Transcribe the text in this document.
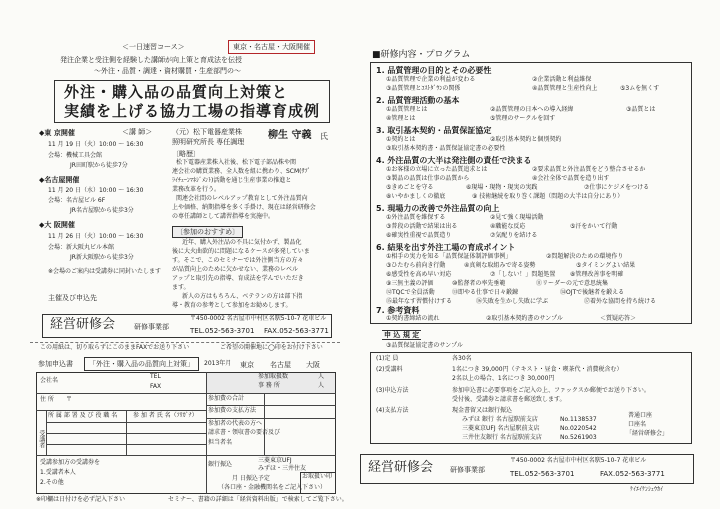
＜一日速習コース＞	東京・名古屋・大阪開催
発注企業と受注側を経験した講師が向上策と育成法を伝授
～外注・品質・調達・資材購買・生産部門の～
外注・購入品の品質向上対策と
実績を上げる協力工場の指導育成例
◆東 京開催
11 月 19 日（火）10:00 ～ 16:30
会場：機械工具会館
JR田町駅から徒歩7分
◆名古屋開催
11 月 20 日（水）10:00 ～ 16:30
会場：名古屋ビル 6F
JR名古屋駅から徒歩3分
◆大 阪開催
11 月 26 日（火）10:00 ～ 16:30
会場：新大阪丸ビル本館
JR新大阪駅から徒歩3分
※会場のご案内は受講券に同封いたします
主催及び申込先
＜講 師＞	（元）松下電器産業株
照明研究所長 専任調理
柳生 守義 氏
〔略歴〕
松下電器産業株入社後、松下電子部品株や関
連会社の購買業務、全人数を組に携わり、SCM(ｻﾌﾟ
ﾗｲﾁｪｰﾝﾏﾈｼﾞﾒﾝﾄ)活動を通じ生産事業の推進と
業務改革を行う。
関連会社問のレベルアップ教育として外注品質向
上や価格、納期指導を多く手掛け、現在は経営研修会
の専任講師として講習指導を実施中。
〔参加のおすすめ〕
近年、購入外注品の不具に気付かず、製品化
後に大火曲欲的に問題になるケースが多発していま
す。そこで、このセミナーでは外注側当方の方々
が品質向上のために欠かせない、業務のレベル
アップと取引先の指導、育成法を学んでいただき
ます。
新人の方はもちろん、ベテランの方は部下指
導・教育の参考として参加をお勧めします。
経営研修会	研修事業部
〒450-0002 名古屋市中村区名駅5-10-7 花車ビル
TEL.052-563-3701 FAX.052-563-3771
この用紙は、切り取らずにこのままFAXでお送り下さい	ご希望の開催地に◯印をお付け下さい
参加申込書	「外注・購入品の品質向上対策」	2013年月 東京 名古屋 大阪
会社名
TEL
FAX
住 所 〒
所 属 部 署 及 び 役 職 名	参 加 者 氏 名（ﾌﾘｶﾞﾅ）
受講者
受講参加方の受講券を
1.受講者本人
2.その他
参加取扱数	人
事 務 所	人
参加費の合計
参加費の支払方法
参加者の代表の方へ
請求書・領収書の要否及び
担当者名
銀行振込
三菱東京UFJ
みずほ・三井住友
月 日振込予定
（各口座・金融機関名をご記入下さい）
※印欄は日付けを必ず記入下さい	セミナー、書籍の詳細は「経営資料出版」で検索してご覧下さい。
■研修内容・プログラム
1. 品質管理の目的とその必要性
①品質管理で企業の利益が変わる	②企業活動と利益維保
③品質管理とｺｽﾄﾀﾞｳﾝの関係	④品質管理と生産性向上	⑤3ムを無くす
2. 品質管理活動の基本
①品質管理とは	②品質管理の日本への導入経緯	③品質とは
④管理とは	⑤管理のサークルを回す
3. 取引基本契約・品質保証協定
①契約とは	②取引基本契約と個別契約
③取引基本契約書・品質保証協定書の必要性
4. 外注品質の大半は発注側の責任で決まる
①お客様の立場に立った品質追求とは	②要求品質と外注品質をどう整合させるか
③製品の品質は仕事の品質から	④会社全体で品質を造り出す
⑤きめごとを守る	⑥現場・現物・現実の実践	⑦仕事にケジメをつける
⑧いやかましくの徹底	⑨ 技術継続を取り巻く課題（問題の大半は自分にあり）
5. 現場力の改善で外注品質の向上
①外注品質を維保する	②見て強く現場活動
③普段の活動で結果は出る	④職能な反応	⑤汗をかいて行動
⑥確実性重視で品質造り	⑦気配りを結ける
6. 結果を出す外注工場の育成ポイント
①相手の実力を知る「品質保証体制評価事例」	②問題解決のための環境作り
③ひたむら前向き行動	④真剣な取組みで寄る姿勢	⑤タイミングよい結果
⑥感受性を高め早い対応	⑦「しない！」問題処置 ⑧管理改善事を明確
⑨三無主義の評価	⑩監督者の率先垂範	⑪リーダーの元で意思統集
⑫TQCで全員活動	⑬即やる仕事で日々鍛錬	⑭OJTで後継者を鍛える
⑮最年なす習慣付けする	⑯失敗を生かし失敗に学ぶ	⑰着外な協問を持ち続ける
7. 参考資料
①契約書締結の流れ	②取引基本契約書のサンプル	＜質疑応答＞
申 込 規 定
③品質保証協定書のサンプル
(1)定 員	各30名
(2)受講料	1名につき 39,000円（テキスト・昼食・喫茶代・消費税含む）
2名以上の場合、1名につき 30,000円
(3)申込方法	参加申込書に必要事項をご記入の上、ファックスか郵便でお送り下さい。
受付後、受講券と請求書を郵送致します。
(4)支払方法	現金書留又は銀行振込
みずほ 銀行 名古屋駅前支店	No.1138537
三菱東京UFJ 名古屋駅前支店	No.0220542
三井住友銀行 名古屋駅前支店	No.5261903
普通口座
口座名
「経営研修会」
経営研修会 研修事業部
〒450-0002 名古屋市中村区名駅5-10-7 花車ビル
TEL.052-563-3701	FAX.052-563-3771
ｹｲｴｲｹﾝｼｭｳｶｲ
お取扱い印
